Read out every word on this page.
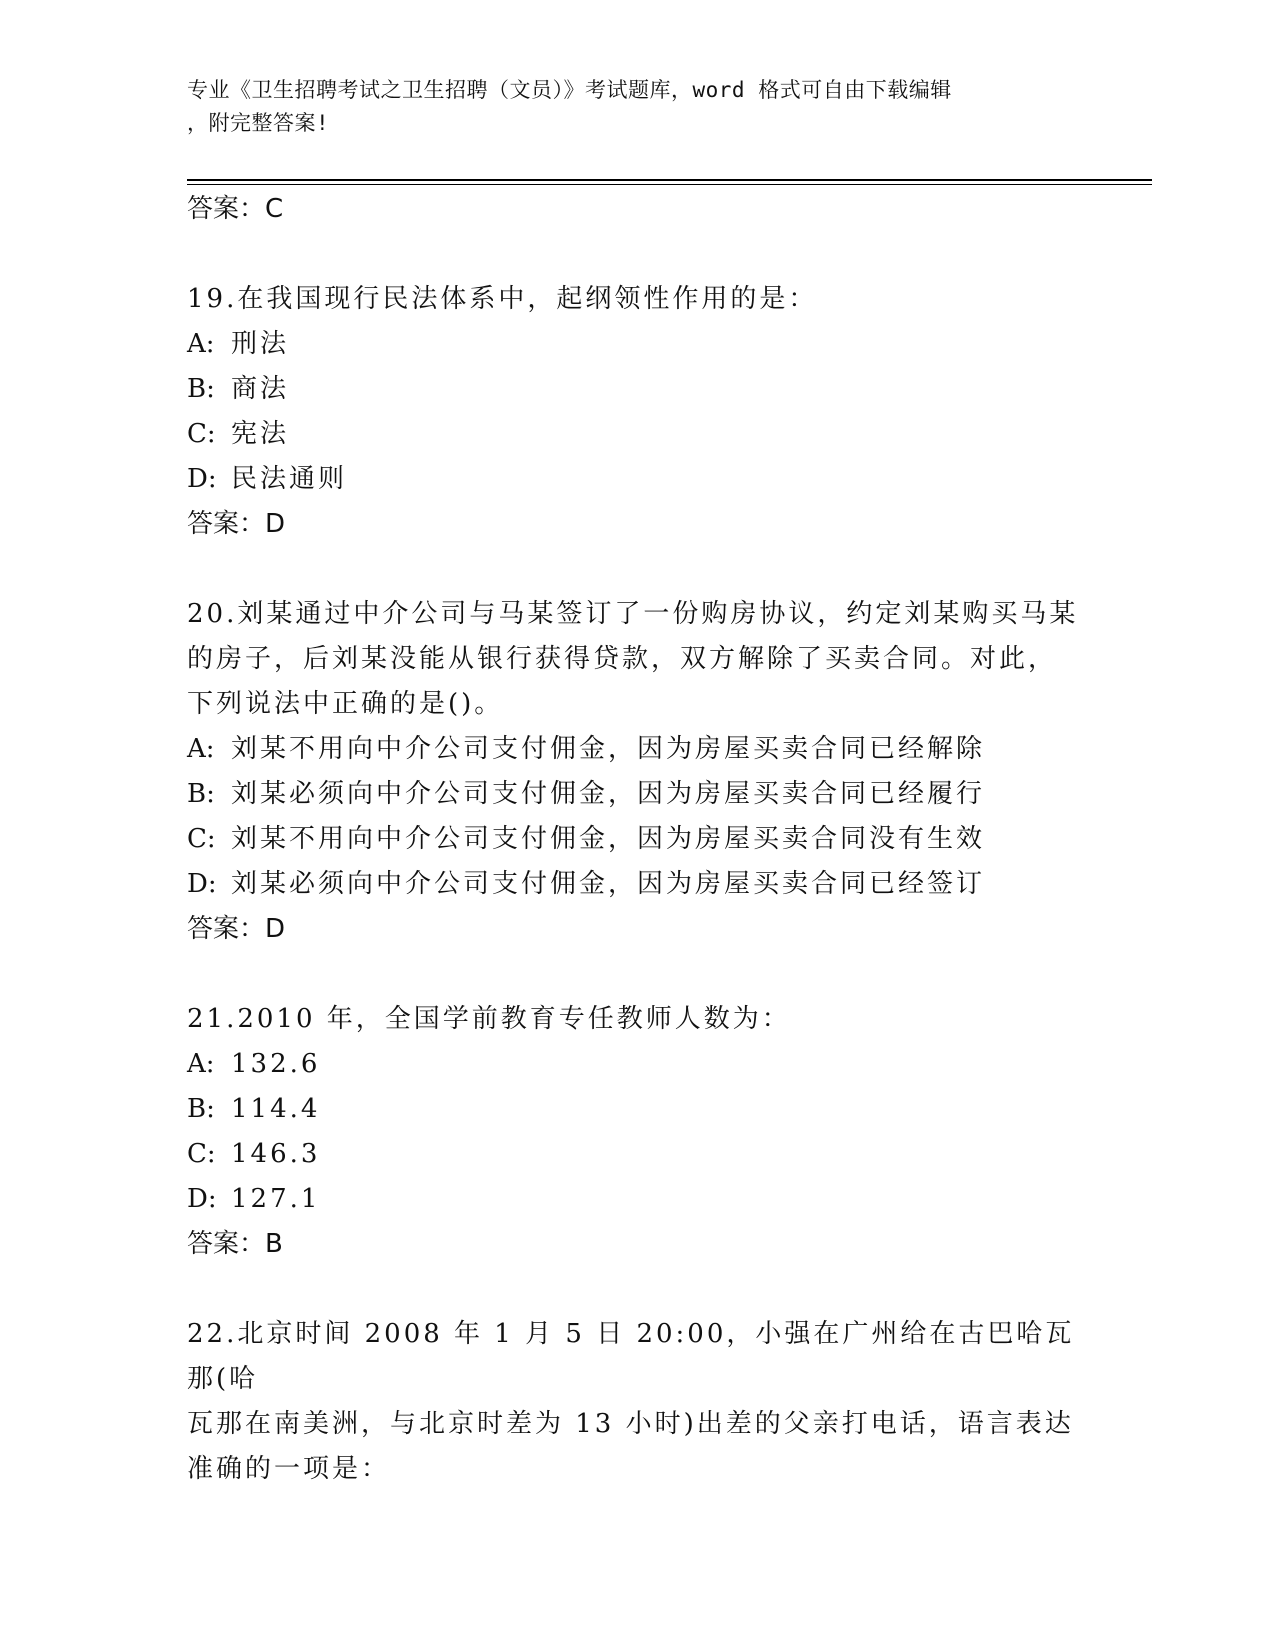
专业《卫生招聘考试之卫生招聘（文员）》考试题库，word 格式可自由下载编辑
，附完整答案!
答案：C
19.在我国现行民法体系中，起纲领性作用的是：
A: 刑法
B: 商法
C: 宪法
D: 民法通则
答案：D
20.刘某通过中介公司与马某签订了一份购房协议，约定刘某购买马某
的房子，后刘某没能从银行获得贷款，双方解除了买卖合同。对此，
下列说法中正确的是()。
A: 刘某不用向中介公司支付佣金，因为房屋买卖合同已经解除
B: 刘某必须向中介公司支付佣金，因为房屋买卖合同已经履行
C: 刘某不用向中介公司支付佣金，因为房屋买卖合同没有生效
D: 刘某必须向中介公司支付佣金，因为房屋买卖合同已经签订
答案：D
21.2010 年，全国学前教育专任教师人数为：
A: 132.6
B: 114.4
C: 146.3
D: 127.1
答案：B
22.北京时间 2008 年 1 月 5 日 20:00，小强在广州给在古巴哈瓦那(哈
瓦那在南美洲，与北京时差为 13 小时)出差的父亲打电话，语言表达
准确的一项是：
